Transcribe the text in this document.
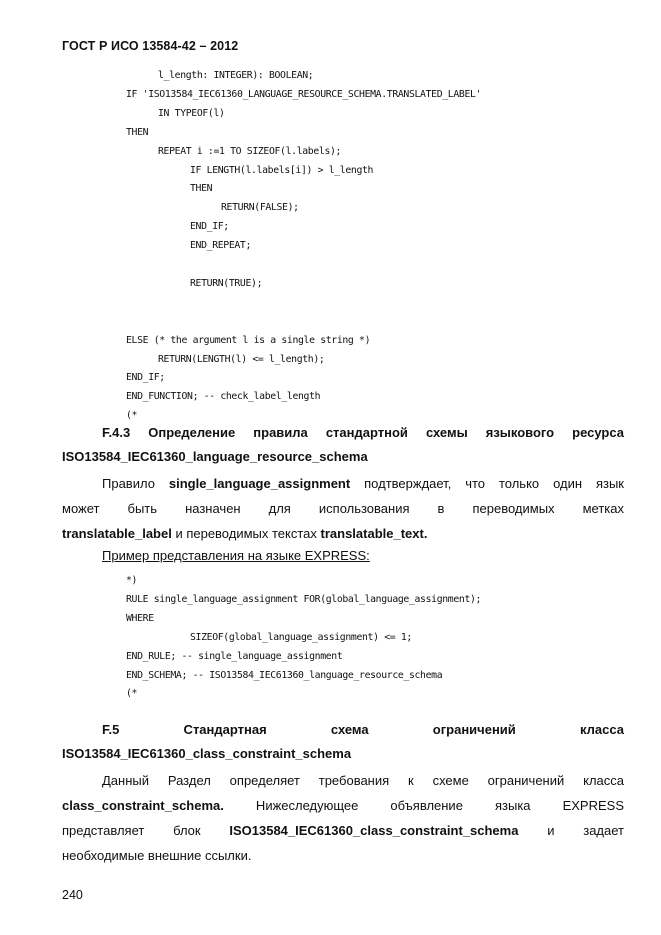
ГОСТ Р ИСО 13584-42 – 2012
l_length: INTEGER): BOOLEAN;
IF 'ISO13584_IEC61360_LANGUAGE_RESOURCE_SCHEMA.TRANSLATED_LABEL'
IN TYPEOF(l)
THEN
REPEAT i :=1 TO SIZEOF(l.labels);
IF LENGTH(l.labels[i]) > l_length
THEN
RETURN(FALSE);
END_IF;
END_REPEAT;
RETURN(TRUE);
ELSE (* the argument l is a single string *)
RETURN(LENGTH(l) <= l_length);
END_IF;
END_FUNCTION; -- check_label_length
(*
F.4.3 Определение правила стандартной схемы языкового ресурса
ISO13584_IEC61360_language_resource_schema
Правило single_language_assignment подтверждает, что только один язык
может быть назначен для использования в переводимых метках
translatable_label и переводимых текстах translatable_text.
Пример представления на языке EXPRESS:
*)
RULE single_language_assignment FOR(global_language_assignment);
WHERE
SIZEOF(global_language_assignment) <= 1;
END_RULE; -- single_language_assignment
END_SCHEMA; -- ISO13584_IEC61360_language_resource_schema
(*
F.5 Стандартная схема ограничений класса
ISO13584_IEC61360_class_constraint_schema
Данный Раздел определяет требования к схеме ограничений класса
class_constraint_schema. Нижеследующее объявление языка EXPRESS
представляет блок ISO13584_IEC61360_class_constraint_schema и задает
необходимые внешние ссылки.
240
